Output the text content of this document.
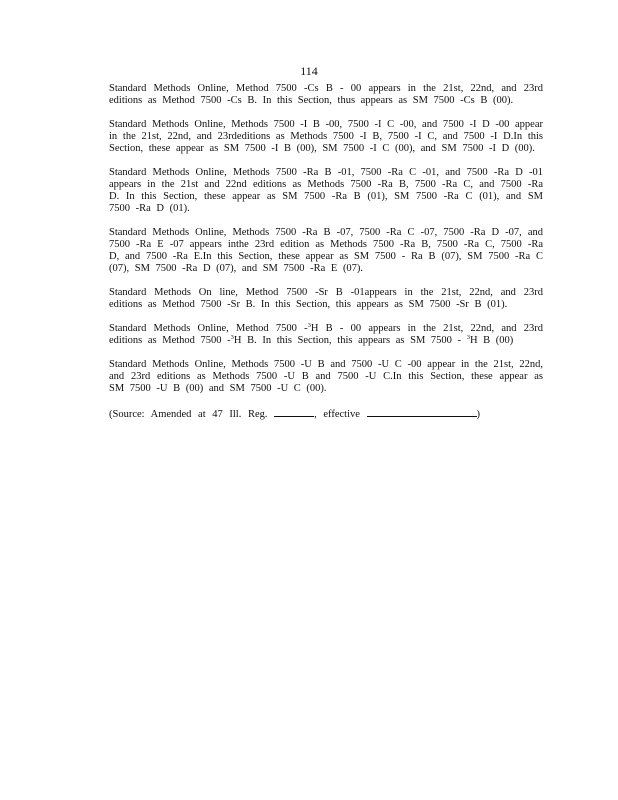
114

Standard Methods Online, Method 7500 -Cs B - 00 appears in the 21st, 22nd, and 23rd editions as Method 7500 -Cs B. In this Section, thus appears as SM 7500 -Cs B (00).

Standard Methods Online, Methods 7500 -I B -00, 7500 -I C -00, and 7500 -I D -00 appear in the 21st, 22nd, and 23rdeditions as Methods 7500 -I B, 7500 -I C, and 7500 -I D.In this Section, these appear as SM 7500 -I B (00), SM 7500 -I C (00), and SM 7500 -I D (00).

Standard Methods Online, Methods 7500 -Ra B -01, 7500 -Ra C -01, and 7500 -Ra D -01 appears in the 21st and 22nd editions as Methods 7500 -Ra B, 7500 -Ra C, and 7500 -Ra D. In this Section, these appear as SM 7500 -Ra B (01), SM 7500 -Ra C (01), and SM 7500 -Ra D (01).

Standard Methods Online, Methods 7500 -Ra B -07, 7500 -Ra C -07, 7500 -Ra D -07, and 7500 -Ra E -07 appears inthe 23rd edition as Methods 7500 -Ra B, 7500 -Ra C, 7500 -Ra D, and 7500 -Ra E.In this Section, these appear as SM 7500 - Ra B (07), SM 7500 -Ra C (07), SM 7500 -Ra D (07), and SM 7500 -Ra E (07).

Standard Methods On line, Method 7500 -Sr B -01appears in the 21st, 22nd, and 23rd editions as Method 7500 -Sr B. In this Section, this appears as SM 7500 -Sr B (01).

Standard Methods Online, Method 7500 -$^3$H B - 00 appears in the 21st, 22nd, and 23rd editions as Method 7500 -$^3$H B. In this Section, this appears as SM 7500 - $^3$H B (00)

Standard Methods Online, Methods 7500 -U B and 7500 -U C -00 appear in the 21st, 22nd, and 23rd editions as Methods 7500 -U B and 7500 -U C.In this Section, these appear as SM 7500 -U B (00) and SM 7500 -U C (00).

(Source: Amended at 47 Ill. Reg.	, effective	)
